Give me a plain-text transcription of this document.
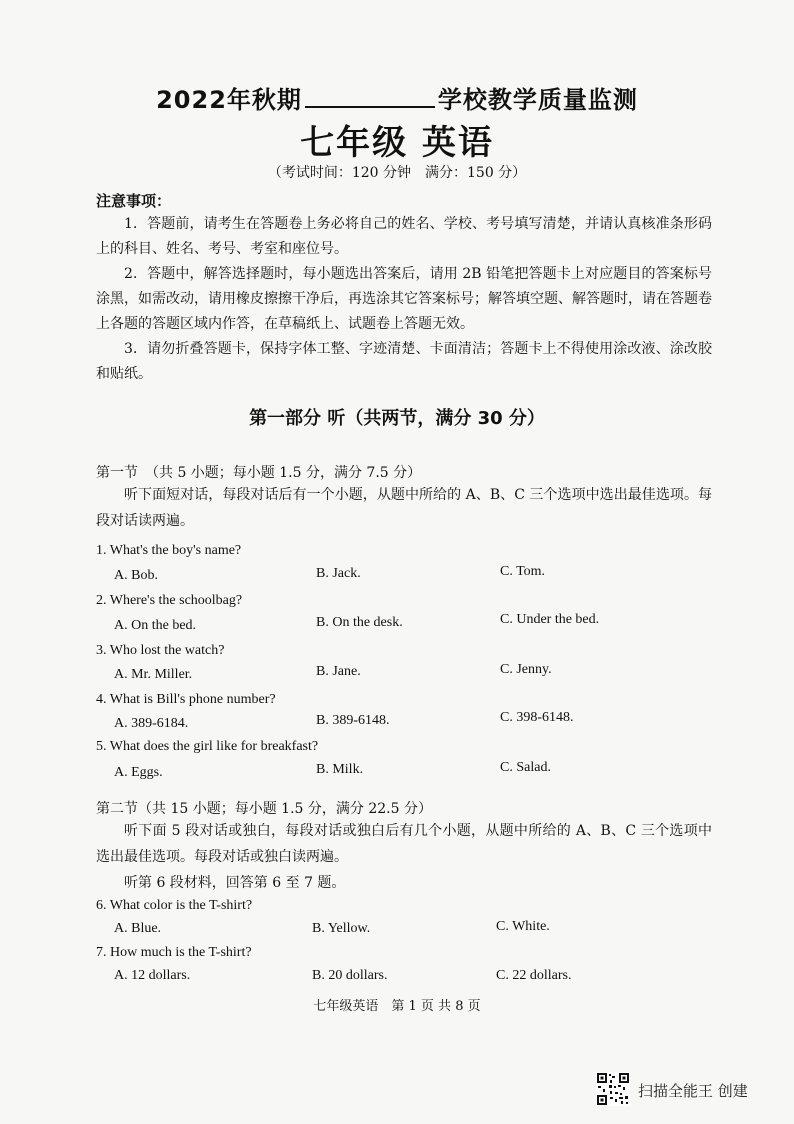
2022年秋期	学校教学质量监测
七年级 英语
（考试时间：120 分钟　满分：150 分）
注意事项：
1．答题前，请考生在答题卷上务必将自己的姓名、学校、考号填写清楚，并请认真核准条形码上的科目、姓名、考号、考室和座位号。
2．答题中，解答选择题时，每小题选出答案后，请用 2B 铅笔把答题卡上对应题目的答案标号涂黑，如需改动，请用橡皮擦擦干净后，再选涂其它答案标号；解答填空题、解答题时，请在答题卷上各题的答题区域内作答，在草稿纸上、试题卷上答题无效。
3．请勿折叠答题卡，保持字体工整、字迹清楚、卡面清洁；答题卡上不得使用涂改液、涂改胶和贴纸。
第一部分 听（共两节，满分 30 分）
第一节　（共 5 小题；每小题 1.5 分，满分 7.5 分）
听下面短对话，每段对话后有一个小题，从题中所给的 A、B、C 三个选项中选出最佳选项。每段对话读两遍。
1. What's the boy's name?
A. Bob.	B. Jack.	C. Tom.
2. Where's the schoolbag?
A. On the bed.	B. On the desk.	C. Under the bed.
3. Who lost the watch?
A. Mr. Miller.	B. Jane.	C. Jenny.
4. What is Bill's phone number?
A. 389-6184.	B. 389-6148.	C. 398-6148.
5. What does the girl like for breakfast?
A. Eggs.	B. Milk.	C. Salad.
第二节（共 15 小题；每小题 1.5 分，满分 22.5 分）
听下面 5 段对话或独白，每段对话或独白后有几个小题，从题中所给的 A、B、C 三个选项中选出最佳选项。每段对话或独白读两遍。
听第 6 段材料，回答第 6 至 7 题。
6. What color is the T-shirt?
A. Blue.	B. Yellow.	C. White.
7. How much is the T-shirt?
A. 12 dollars.	B. 20 dollars.	C. 22 dollars.
七年级英语　第 1 页 共 8 页
扫描全能王 创建
